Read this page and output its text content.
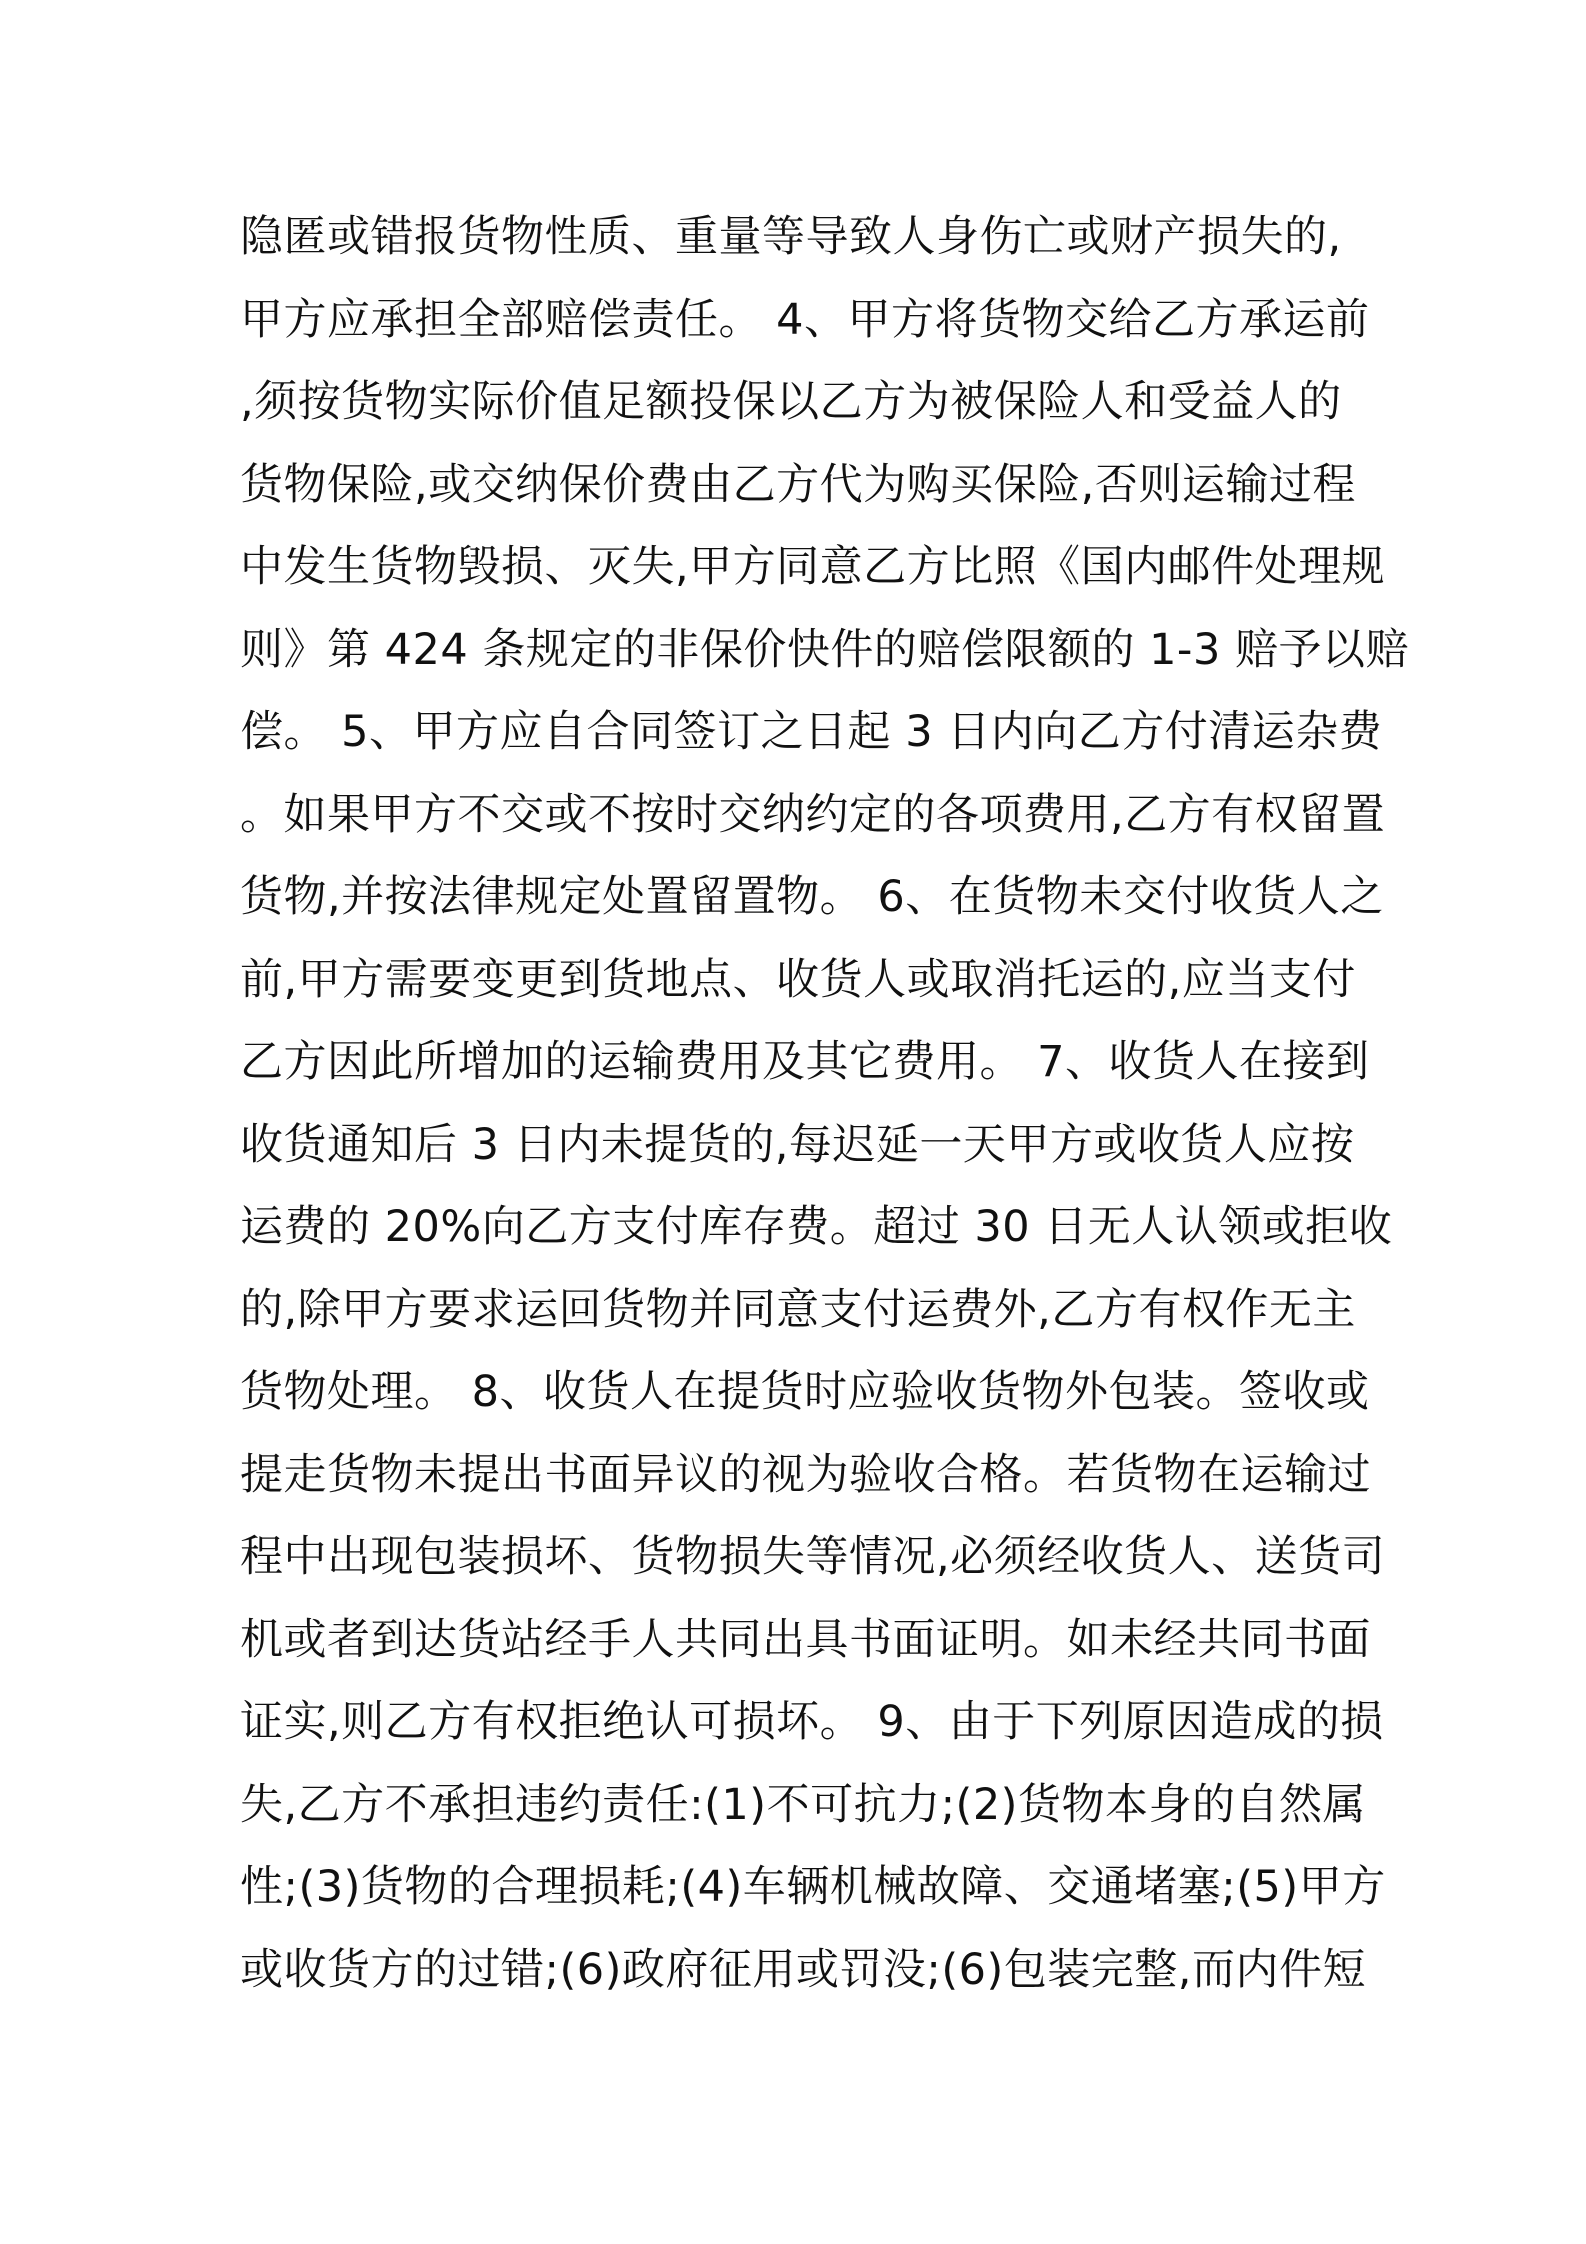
隐匿或错报货物性质、重量等导致人身伤亡或财产损失的,
甲方应承担全部赔偿责任。 4、甲方将货物交给乙方承运前
,须按货物实际价值足额投保以乙方为被保险人和受益人的
货物保险,或交纳保价费由乙方代为购买保险,否则运输过程
中发生货物毁损、灭失,甲方同意乙方比照《国内邮件处理规
则》第 424 条规定的非保价快件的赔偿限额的 1-3 赔予以赔
偿。 5、甲方应自合同签订之日起 3 日内向乙方付清运杂费
。如果甲方不交或不按时交纳约定的各项费用,乙方有权留置
货物,并按法律规定处置留置物。 6、在货物未交付收货人之
前,甲方需要变更到货地点、收货人或取消托运的,应当支付
乙方因此所增加的运输费用及其它费用。 7、收货人在接到
收货通知后 3 日内未提货的,每迟延一天甲方或收货人应按
运费的 20%向乙方支付库存费。超过 30 日无人认领或拒收
的,除甲方要求运回货物并同意支付运费外,乙方有权作无主
货物处理。 8、收货人在提货时应验收货物外包装。签收或
提走货物未提出书面异议的视为验收合格。若货物在运输过
程中出现包装损坏、货物损失等情况,必须经收货人、送货司
机或者到达货站经手人共同出具书面证明。如未经共同书面
证实,则乙方有权拒绝认可损坏。 9、由于下列原因造成的损
失,乙方不承担违约责任:(1)不可抗力;(2)货物本身的自然属
性;(3)货物的合理损耗;(4)车辆机械故障、交通堵塞;(5)甲方
或收货方的过错;(6)政府征用或罚没;(6)包装完整,而内件短
